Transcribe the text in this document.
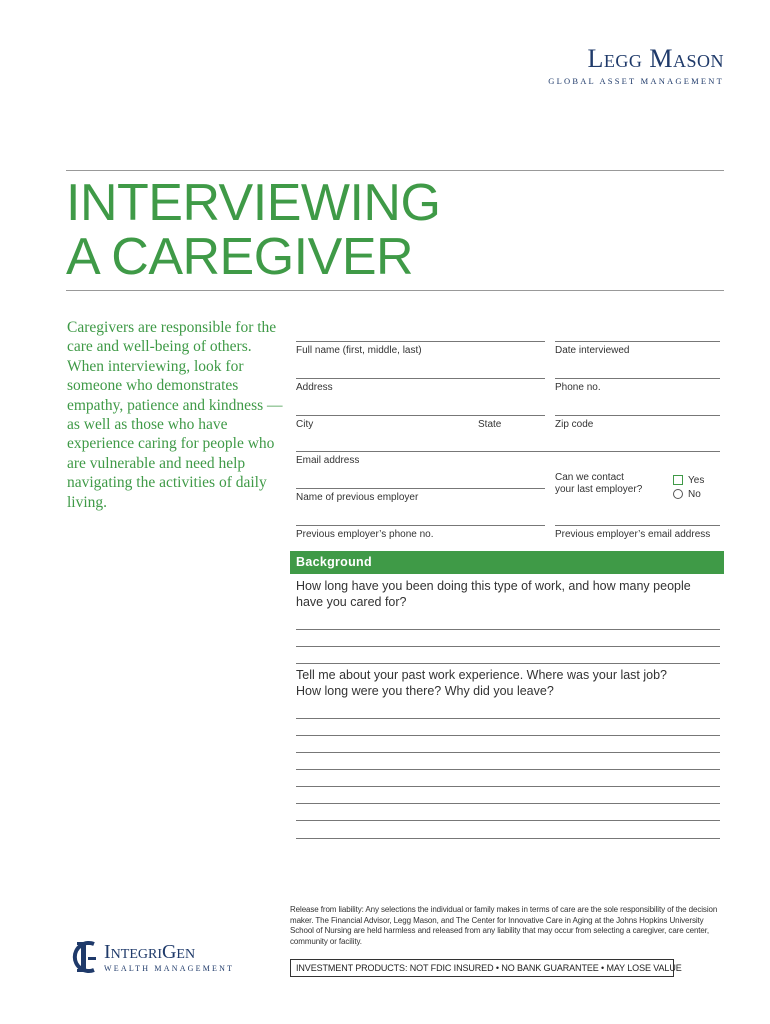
Legg Mason
GLOBAL ASSET MANAGEMENT
INTERVIEWING
A CAREGIVER
Caregivers are responsible for the care and well-being of others. When interviewing, look for someone who demonstrates empathy, patience and kindness — as well as those who have experience caring for people who are vulnerable and need help navigating the activities of daily living.
Full name (first, middle, last)	Date interviewed
Address	Phone no.
City	State	Zip code
Email address
Name of previous employer
Can we contact
your last employer?
Yes
No
Previous employer’s phone no.	Previous employer’s email address
Background
How long have you been doing this type of work, and how many people
have you cared for?
Tell me about your past work experience. Where was your last job?
How long were you there? Why did you leave?
Release from liability: Any selections the individual or family makes in terms of care are the sole responsibility of the decision maker. The Financial Advisor, Legg Mason, and The Center for Innovative Care in Aging at the Johns Hopkins University School of Nursing are held harmless and released from any liability that may occur from selecting a caregiver, care center, community or facility.
INVESTMENT PRODUCTS: NOT FDIC INSURED • NO BANK GUARANTEE • MAY LOSE VALUE
IntegriGen
WEALTH MANAGEMENT
